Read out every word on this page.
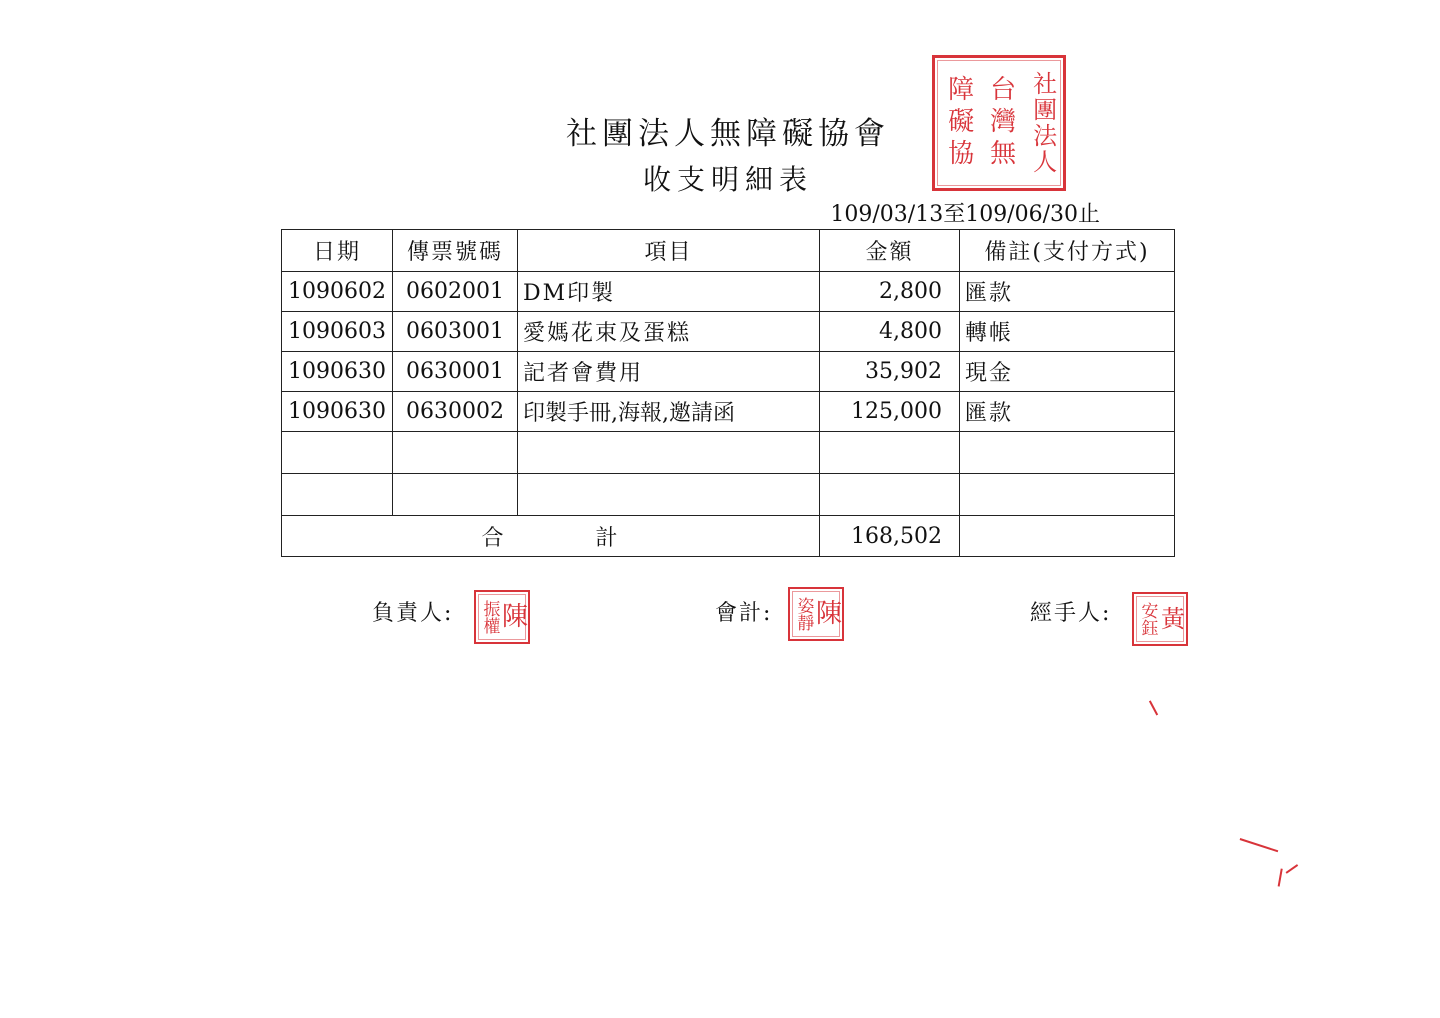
社團法人無障礙協會
收支明細表
109/03/13至109/06/30止
社團法人
台灣無
障礙協
日期	傳票號碼	項目	金額	備註(支付方式)
1090602	0602001	DM印製	2,800	匯款
1090603	0603001	愛媽花束及蛋糕	4,800	轉帳
1090630	0630001	記者會費用	35,902	現金
1090630	0630002	印製手冊,海報,邀請函	125,000	匯款

合 計			168,502	
負責人: 陳
振權	會計: 陳
姿靜	經手人: 黃
安鈺
